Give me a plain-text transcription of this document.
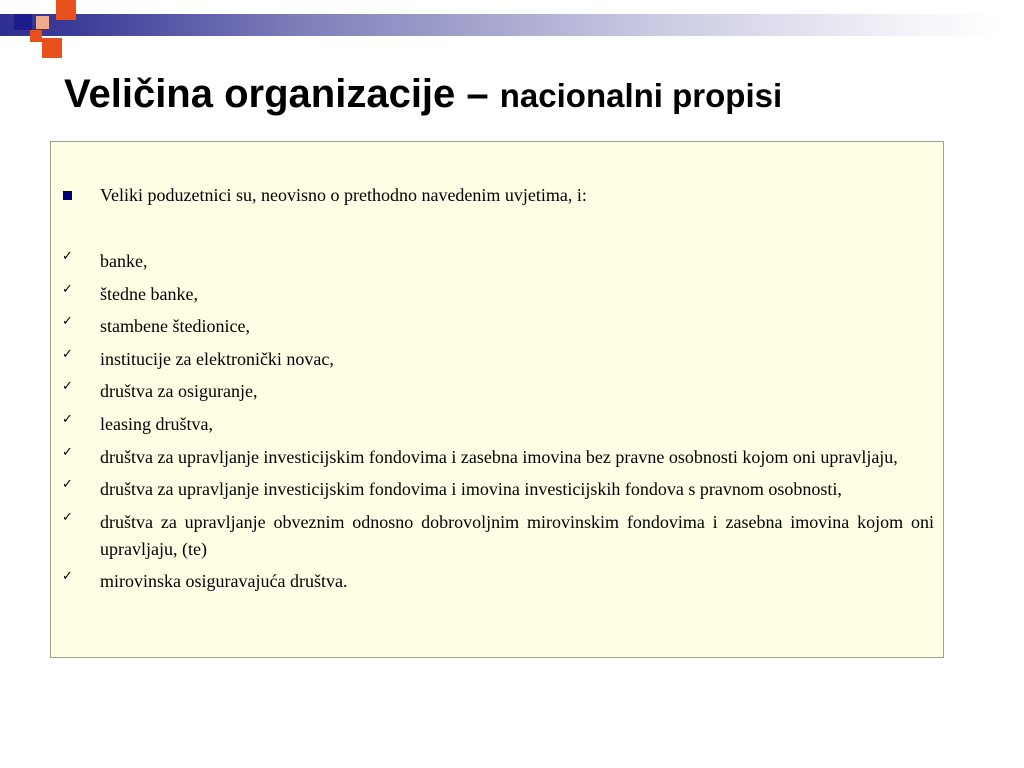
Veličina organizacije – nacionalni propisi
Veliki poduzetnici su, neovisno o prethodno navedenim uvjetima, i:
✓ banke,
✓ štedne banke,
✓ stambene štedionice,
✓ institucije za elektronički novac,
✓ društva za osiguranje,
✓ leasing društva,
✓ društva za upravljanje investicijskim fondovima i zasebna imovina bez pravne osobnosti kojom oni upravljaju,
✓ društva za upravljanje investicijskim fondovima i imovina investicijskih fondova s pravnom osobnosti,
✓ društva za upravljanje obveznim odnosno dobrovoljnim mirovinskim fondovima i zasebna imovina kojom oni upravljaju, (te)
✓ mirovinska osiguravajuća društva.
